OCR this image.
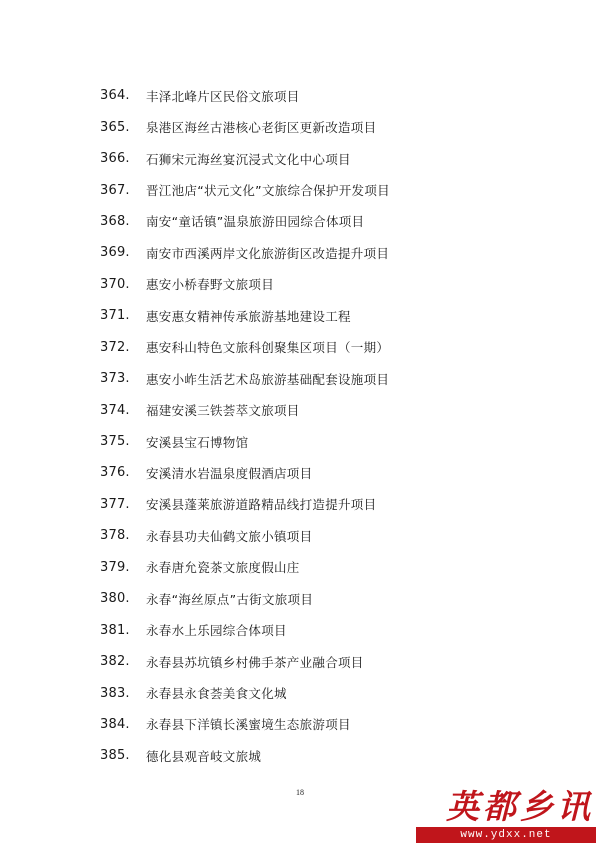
364.	丰泽北峰片区民俗文旅项目
365.	泉港区海丝古港核心老街区更新改造项目
366.	石狮宋元海丝宴沉浸式文化中心项目
367.	晋江池店“状元文化”文旅综合保护开发项目
368.	南安“童话镇”温泉旅游田园综合体项目
369.	南安市西溪两岸文化旅游街区改造提升项目
370.	惠安小桥春野文旅项目
371.	惠安惠女精神传承旅游基地建设工程
372.	惠安科山特色文旅科创聚集区项目（一期）
373.	惠安小岞生活艺术岛旅游基础配套设施项目
374.	福建安溪三铁荟萃文旅项目
375.	安溪县宝石博物馆
376.	安溪清水岩温泉度假酒店项目
377.	安溪县蓬莱旅游道路精品线打造提升项目
378.	永春县功夫仙鹤文旅小镇项目
379.	永春唐允瓷茶文旅度假山庄
380.	永春“海丝原点”古街文旅项目
381.	永春水上乐园综合体项目
382.	永春县苏坑镇乡村佛手茶产业融合项目
383.	永春县永食荟美食文化城
384.	永春县下洋镇长溪蜜境生态旅游项目
385.	德化县观音岐文旅城
18	英都乡讯
www.ydxx.net
